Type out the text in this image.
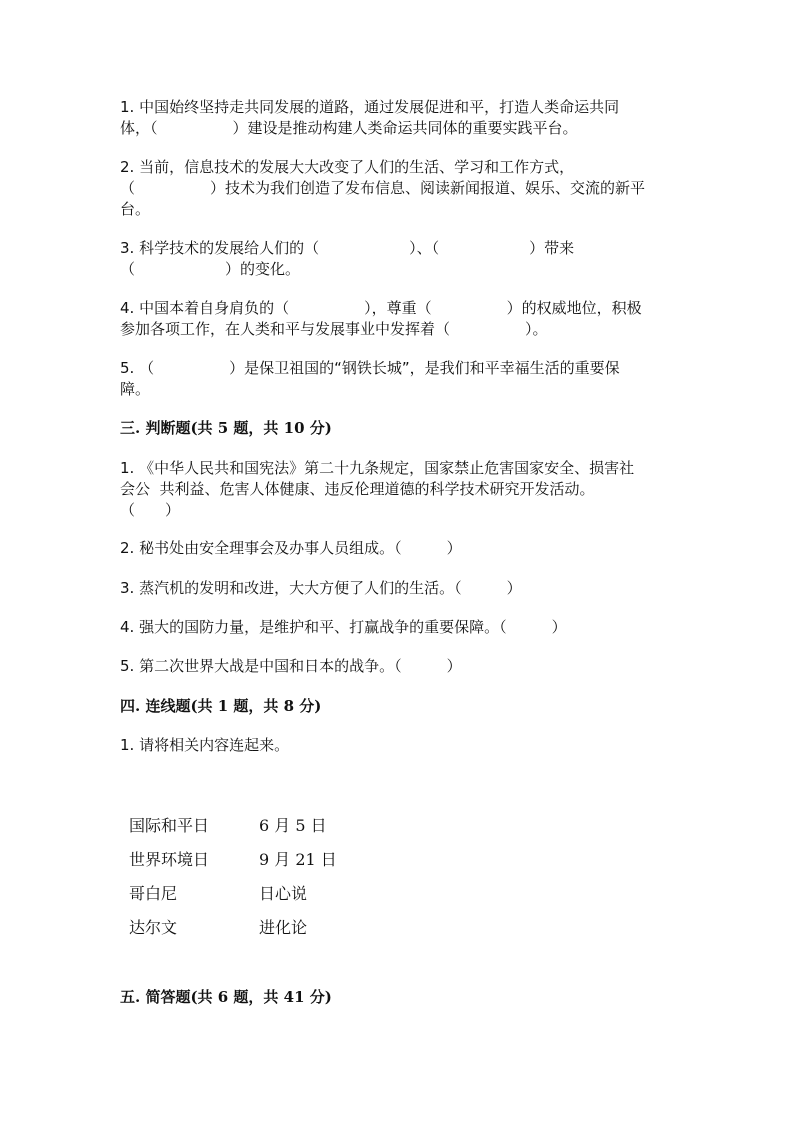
1. 中国始终坚持走共同发展的道路，通过发展促进和平，打造人类命运共同
体，（　　　　　）建设是推动构建人类命运共同体的重要实践平台。
2. 当前，信息技术的发展大大改变了人们的生活、学习和工作方式，
（　　　　　）技术为我们创造了发布信息、阅读新闻报道、娱乐、交流的新平
台。
3. 科学技术的发展给人们的（　　　　　　）、（　　　　　　）带来
（　　　　　　）的变化。
4. 中国本着自身肩负的（　　　　　），尊重（　　　　　）的权威地位，积极
参加各项工作，在人类和平与发展事业中发挥着（　　　　　）。
5. （　　　　　）是保卫祖国的“钢铁长城”，是我们和平幸福生活的重要保
障。
三. 判断题(共 5 题，共 10 分)
1. 《中华人民共和国宪法》第二十九条规定，国家禁止危害国家安全、损害社
会公  共利益、危害人体健康、违反伦理道德的科学技术研究开发活动。
（　　）
2. 秘书处由安全理事会及办事人员组成。（　　　）
3. 蒸汽机的发明和改进，大大方便了人们的生活。（　　　）
4. 强大的国防力量，是维护和平、打赢战争的重要保障。（　　　）
5. 第二次世界大战是中国和日本的战争。（　　　）
四. 连线题(共 1 题，共 8 分)
1. 请将相关内容连起来。
国际和平日	6 月 5 日
世界环境日	9 月 21 日
哥白尼	日心说
达尔文	进化论
五. 简答题(共 6 题，共 41 分)
